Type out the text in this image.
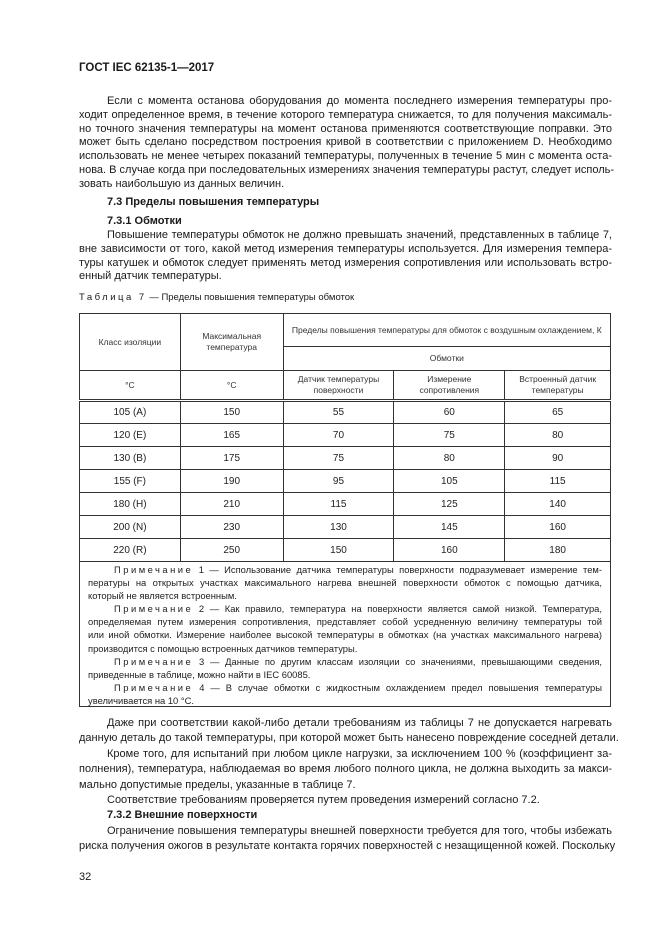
ГОСТ IEC 62135-1—2017
Если с момента останова оборудования до момента последнего измерения температуры про-
ходит определенное время, в течение которого температура снижается, то для получения максималь-
но точного значения температуры на момент останова применяются соответствующие поправки. Это
может быть сделано посредством построения кривой в соответствии с приложением D. Необходимо
использовать не менее четырех показаний температуры, полученных в течение 5 мин с момента оста-
нова. В случае когда при последовательных измерениях значения температуры растут, следует исполь-
зовать наибольшую из данных величин.
7.3 Пределы повышения температуры
7.3.1 Обмотки
Повышение температуры обмоток не должно превышать значений, представленных в таблице 7,
вне зависимости от того, какой метод измерения температуры используется. Для измерения темпера-
туры катушек и обмоток следует применять метод измерения сопротивления или использовать встро-
енный датчик температуры.
Таблица 7 — Пределы повышения температуры обмоток
Класс изоляции	Максимальная температура	Пределы повышения температуры для обмоток с воздушным охлаждением, К		
		Обмотки		
°C	°C	Датчик температуры поверхности	Измерение сопротивления	Встроенный датчик температуры
105 (A)	150	55	60	65
120 (E)	165	70	75	80
130 (B)	175	75	80	90
155 (F)	190	95	105	115
180 (H)	210	115	125	140
200 (N)	230	130	145	160
220 (R)	250	150	160	180
Примечание 1 — Использование датчика температуры поверхности подразумевает измерение тем-
пературы на открытых участках максимального нагрева внешней поверхности обмоток с помощью датчика,
который не является встроенным.
Примечание 2 — Как правило, температура на поверхности является самой низкой. Температура,
определяемая путем измерения сопротивления, представляет собой усредненную величину температуры той
или иной обмотки. Измерение наиболее высокой температуры в обмотках (на участках максимального нагрева)
производится с помощью встроенных датчиков температуры.
Примечание 3 — Данные по другим классам изоляции со значениями, превышающими сведения,
приведенные в таблице, можно найти в IEC 60085.
Примечание 4 — В случае обмотки с жидкостным охлаждением предел повышения температуры
увеличивается на 10 °C.
Даже при соответствии какой-либо детали требованиям из таблицы 7 не допускается нагревать
данную деталь до такой температуры, при которой может быть нанесено повреждение соседней детали.
Кроме того, для испытаний при любом цикле нагрузки, за исключением 100 % (коэффициент за-
полнения), температура, наблюдаемая во время любого полного цикла, не должна выходить за макси-
мально допустимые пределы, указанные в таблице 7.
Соответствие требованиям проверяется путем проведения измерений согласно 7.2.
7.3.2 Внешние поверхности
Ограничение повышения температуры внешней поверхности требуется для того, чтобы избежать
риска получения ожогов в результате контакта горячих поверхностей с незащищенной кожей. Поскольку
32
